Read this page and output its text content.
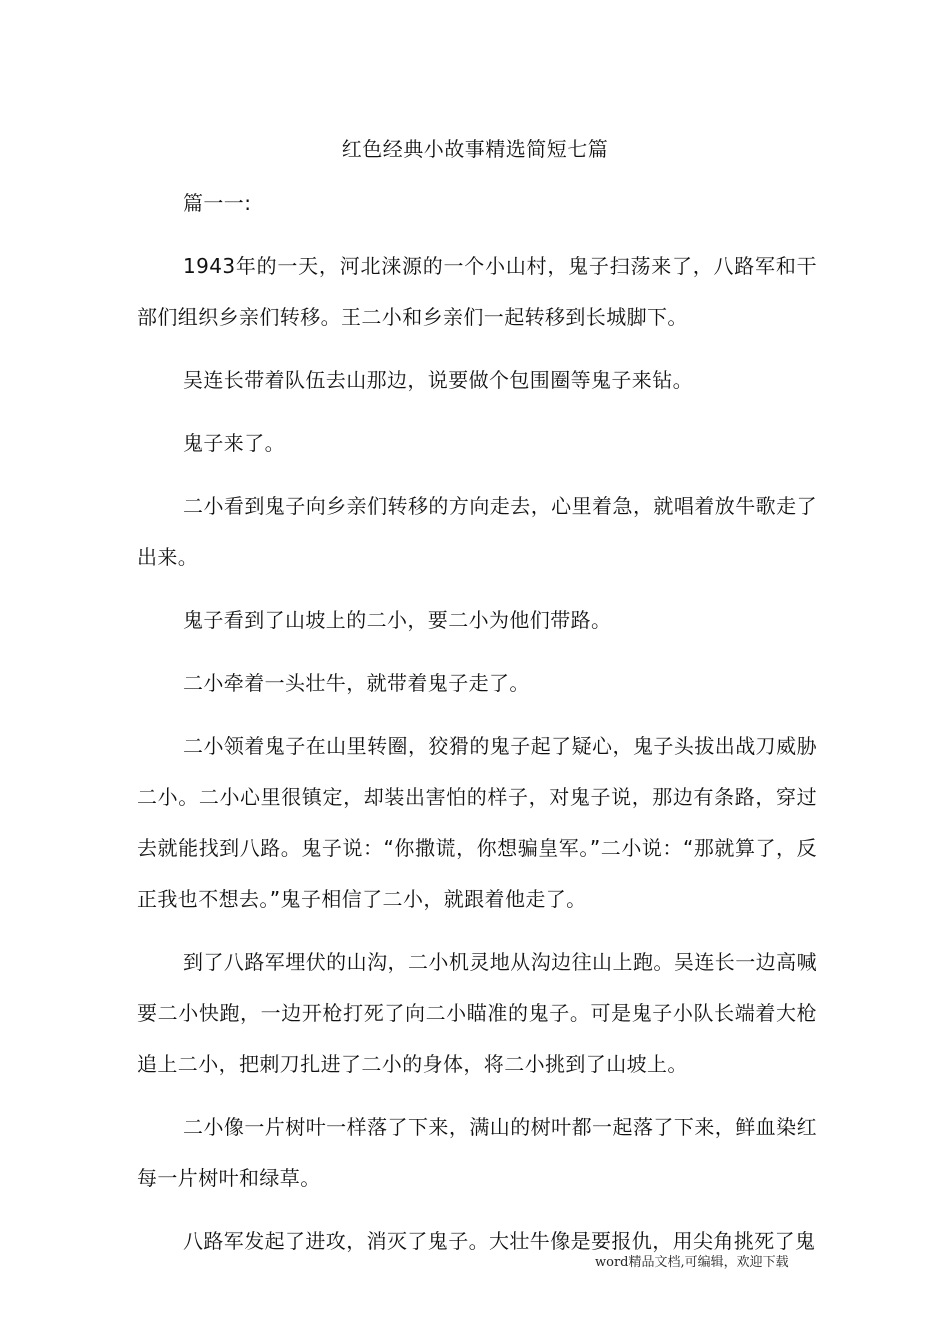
红色经典小故事精选简短七篇

篇一一:

1943年的一天，河北涞源的一个小山村，鬼子扫荡来了，八路军和干部们组织乡亲们转移。王二小和乡亲们一起转移到长城脚下。

吴连长带着队伍去山那边，说要做个包围圈等鬼子来钻。

鬼子来了。

二小看到鬼子向乡亲们转移的方向走去，心里着急，就唱着放牛歌走了出来。

鬼子看到了山坡上的二小，要二小为他们带路。

二小牵着一头壮牛，就带着鬼子走了。

二小领着鬼子在山里转圈，狡猾的鬼子起了疑心，鬼子头拔出战刀威胁二小。二小心里很镇定，却装出害怕的样子，对鬼子说，那边有条路，穿过去就能找到八路。鬼子说：“你撒谎，你想骗皇军。”二小说：“那就算了，反正我也不想去。”鬼子相信了二小，就跟着他走了。

到了八路军埋伏的山沟，二小机灵地从沟边往山上跑。吴连长一边高喊要二小快跑，一边开枪打死了向二小瞄准的鬼子。可是鬼子小队长端着大枪追上二小，把刺刀扎进了二小的身体，将二小挑到了山坡上。

二小像一片树叶一样落了下来，满山的树叶都一起落了下来，鲜血染红每一片树叶和绿草。

八路军发起了进攻，消灭了鬼子。大壮牛像是要报仇，用尖角挑死了鬼

word精品文档,可编辑，欢迎下载
